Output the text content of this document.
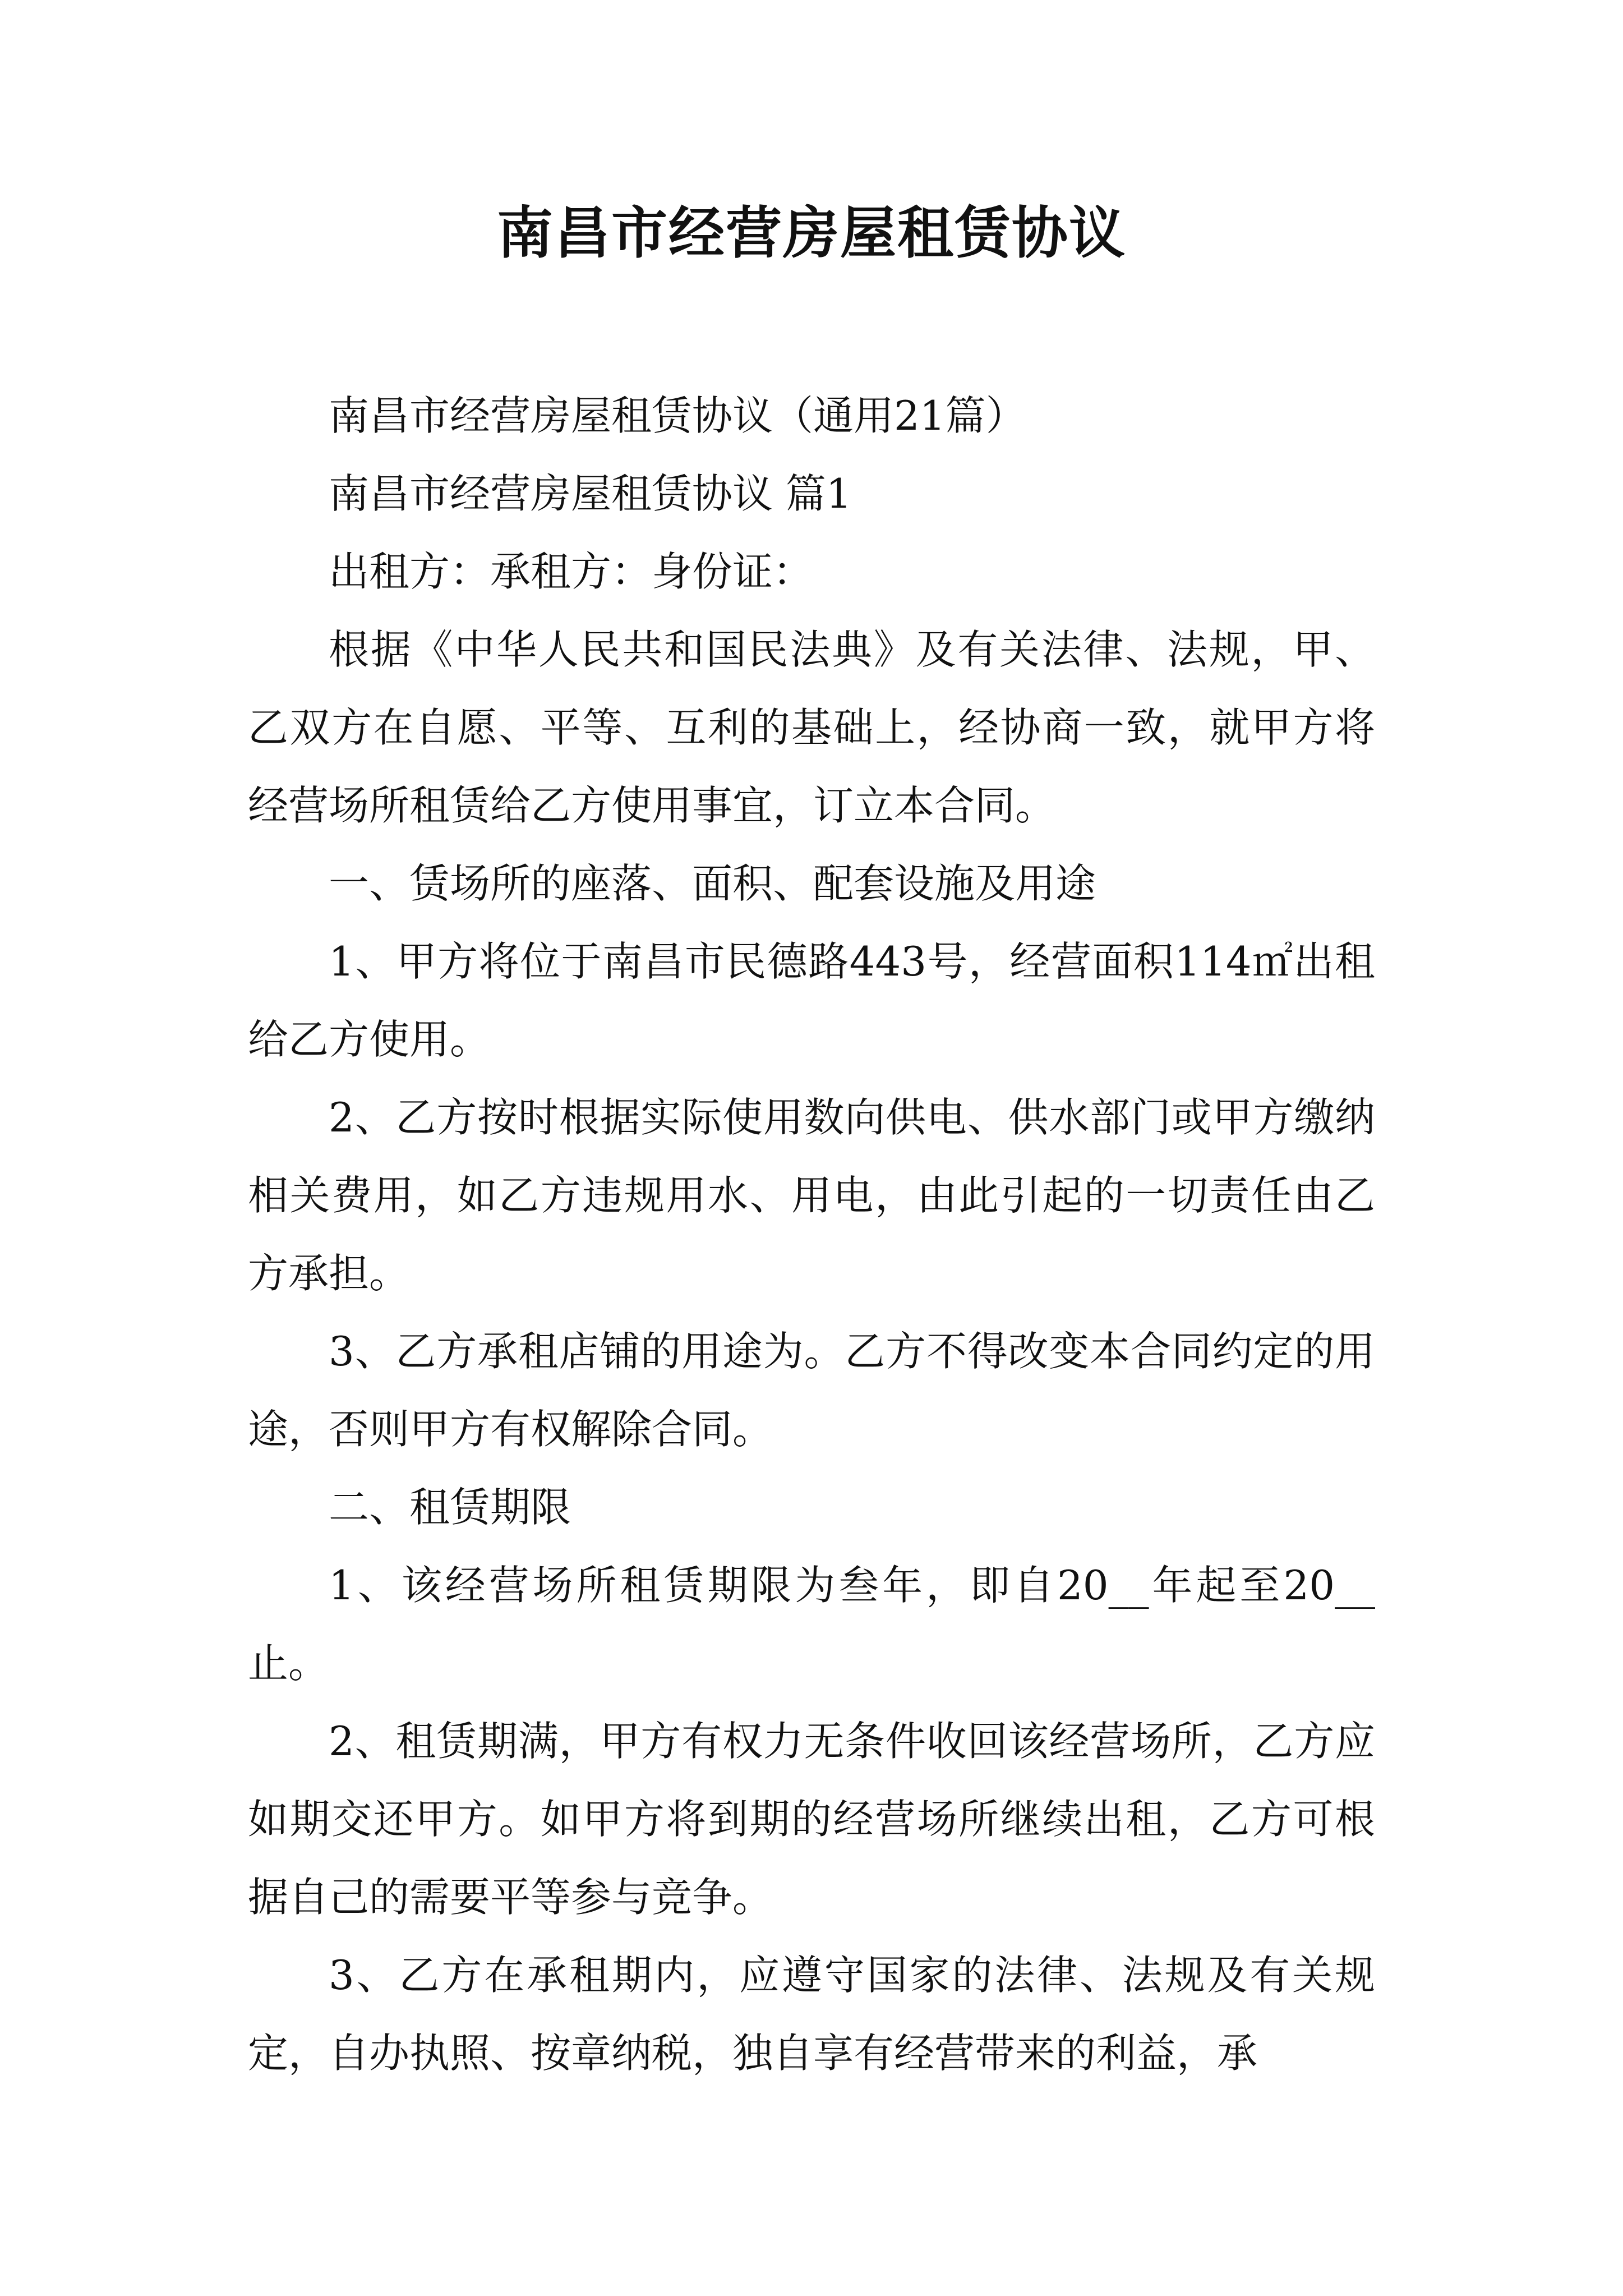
南昌市经营房屋租赁协议

南昌市经营房屋租赁协议（通用21篇）

南昌市经营房屋租赁协议 篇1

出租方：承租方：身份证：

根据《中华人民共和国民法典》及有关法律、法规，甲、乙双方在自愿、平等、互利的基础上，经协商一致，就甲方将经营场所租赁给乙方使用事宜，订立本合同。

一、赁场所的座落、面积、配套设施及用途

1、甲方将位于南昌市民德路443号，经营面积114㎡出租给乙方使用。

2、乙方按时根据实际使用数向供电、供水部门或甲方缴纳相关费用，如乙方违规用水、用电，由此引起的一切责任由乙方承担。

3、乙方承租店铺的用途为。乙方不得改变本合同约定的用途，否则甲方有权解除合同。

二、租赁期限

1、该经营场所租赁期限为叁年，即自20__年起至20__止。

2、租赁期满，甲方有权力无条件收回该经营场所，乙方应如期交还甲方。如甲方将到期的经营场所继续出租，乙方可根据自己的需要平等参与竞争。

3、乙方在承租期内，应遵守国家的法律、法规及有关规定，自办执照、按章纳税，独自享有经营带来的利益，承
